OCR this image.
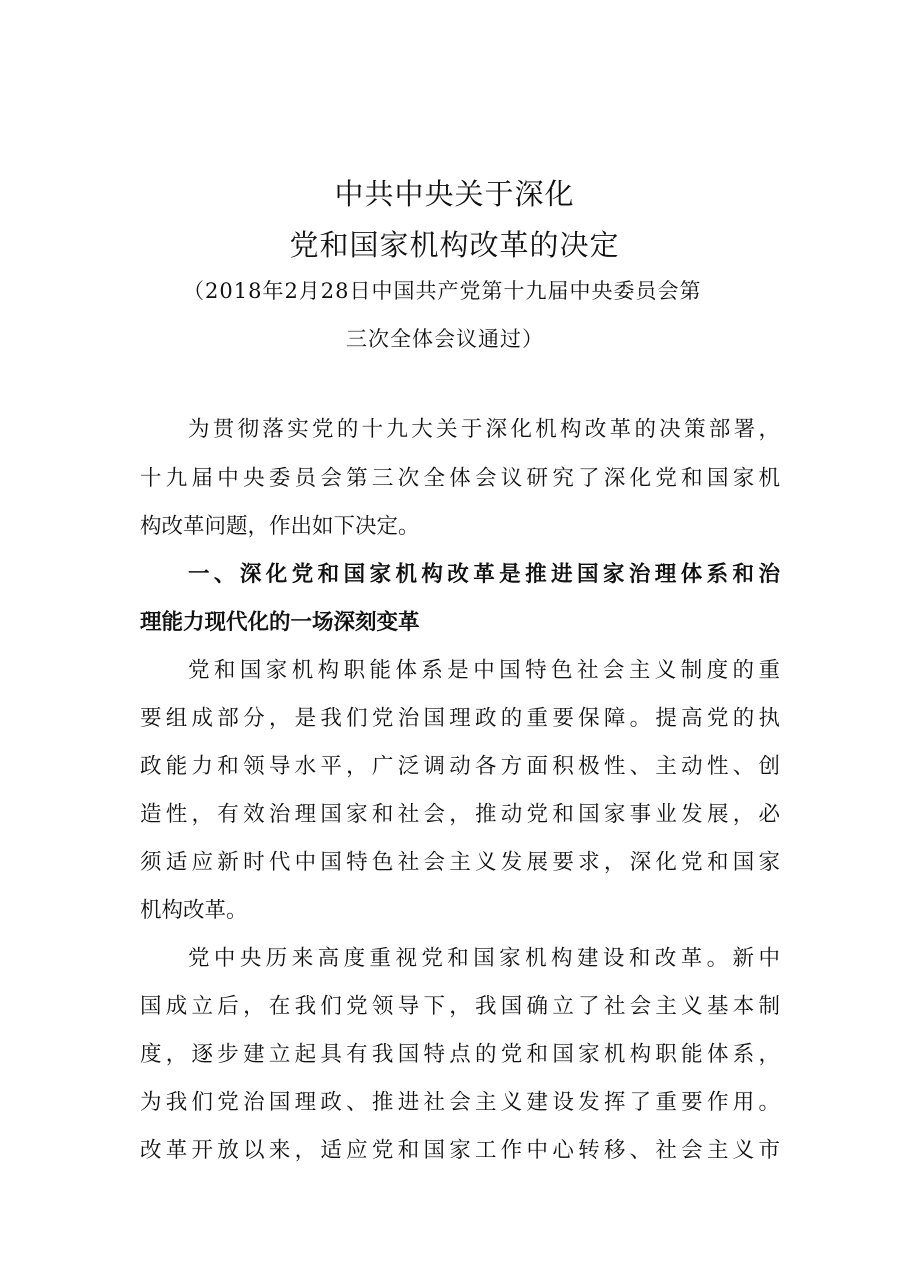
中共中央关于深化
党和国家机构改革的决定
（2018年2月28日中国共产党第十九届中央委员会第
三次全体会议通过）
为贯彻落实党的十九大关于深化机构改革的决策部署，
十九届中央委员会第三次全体会议研究了深化党和国家机
构改革问题，作出如下决定。
一、深化党和国家机构改革是推进国家治理体系和治
理能力现代化的一场深刻变革
党和国家机构职能体系是中国特色社会主义制度的重
要组成部分，是我们党治国理政的重要保障。提高党的执
政能力和领导水平，广泛调动各方面积极性、主动性、创
造性，有效治理国家和社会，推动党和国家事业发展，必
须适应新时代中国特色社会主义发展要求，深化党和国家
机构改革。
党中央历来高度重视党和国家机构建设和改革。新中
国成立后，在我们党领导下，我国确立了社会主义基本制
度，逐步建立起具有我国特点的党和国家机构职能体系，
为我们党治国理政、推进社会主义建设发挥了重要作用。
改革开放以来，适应党和国家工作中心转移、社会主义市
